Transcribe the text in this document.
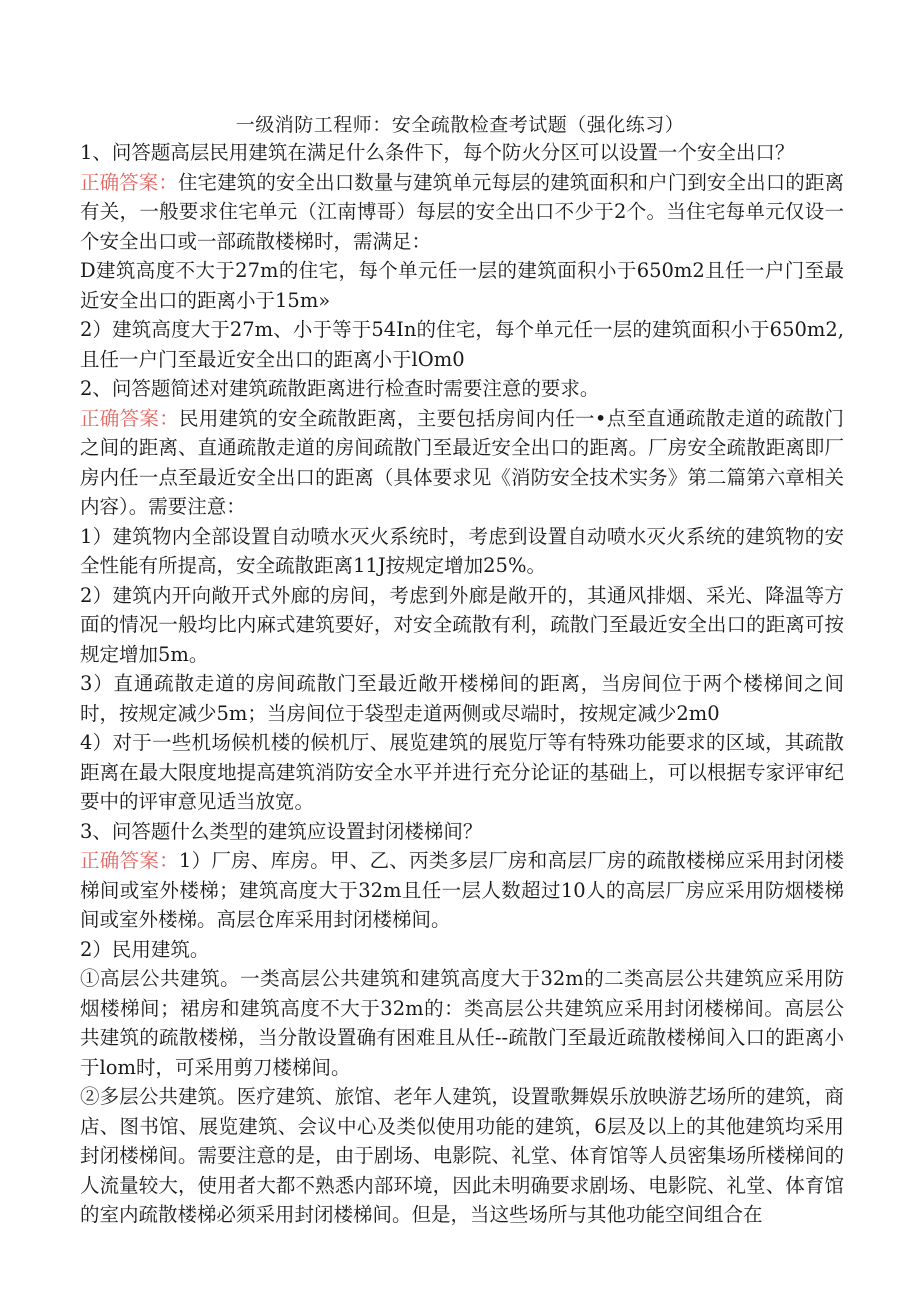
一级消防工程师：安全疏散检查考试题（强化练习）

1、问答题高层民用建筑在满足什么条件下，每个防火分区可以设置一个安全出口？

正确答案：住宅建筑的安全出口数量与建筑单元每层的建筑面积和户门到安全出口的距离有关，一般要求住宅单元（江南博哥）每层的安全出口不少于2个。当住宅每单元仅设一个安全出口或一部疏散楼梯时，需满足：

D建筑高度不大于27m的住宅，每个单元任一层的建筑面积小于650m2且任一户门至最近安全出口的距离小于15m»

2）建筑高度大于27m、小于等于54In的住宅，每个单元任一层的建筑面积小于650m2,且任一户门至最近安全出口的距离小于lOm0

2、问答题简述对建筑疏散距离进行检查时需要注意的要求。

正确答案：民用建筑的安全疏散距离，主要包括房间内任一•点至直通疏散走道的疏散门之间的距离、直通疏散走道的房间疏散门至最近安全出口的距离。厂房安全疏散距离即厂房内任一点至最近安全出口的距离（具体要求见《消防安全技术实务》第二篇第六章相关内容）。需要注意：

1）建筑物内全部设置自动喷水灭火系统时，考虑到设置自动喷水灭火系统的建筑物的安全性能有所提高，安全疏散距离11J按规定增加25%。

2）建筑内开向敞开式外廊的房间，考虑到外廊是敞开的，其通风排烟、采光、降温等方面的情况一般均比内麻式建筑要好，对安全疏散有利，疏散门至最近安全出口的距离可按规定增加5m。

3）直通疏散走道的房间疏散门至最近敞开楼梯间的距离，当房间位于两个楼梯间之间时，按规定减少5m；当房间位于袋型走道两侧或尽端时，按规定减少2m0

4）对于一些机场候机楼的候机厅、展览建筑的展览厅等有特殊功能要求的区域，其疏散距离在最大限度地提高建筑消防安全水平并进行充分论证的基础上，可以根据专家评审纪要中的评审意见适当放宽。

3、问答题什么类型的建筑应设置封闭楼梯间？

正确答案：1）厂房、库房。甲、乙、丙类多层厂房和高层厂房的疏散楼梯应采用封闭楼梯间或室外楼梯；建筑高度大于32m且任一层人数超过10人的高层厂房应采用防烟楼梯间或室外楼梯。高层仓库采用封闭楼梯间。

2）民用建筑。

①高层公共建筑。一类高层公共建筑和建筑高度大于32m的二类高层公共建筑应采用防烟楼梯间；裙房和建筑高度不大于32m的：类高层公共建筑应采用封闭楼梯间。高层公共建筑的疏散楼梯，当分散设置确有困难且从任--疏散门至最近疏散楼梯间入口的距离小于lom时，可采用剪刀楼梯间。

②多层公共建筑。医疗建筑、旅馆、老年人建筑，设置歌舞娱乐放映游艺场所的建筑，商店、图书馆、展览建筑、会议中心及类似使用功能的建筑，6层及以上的其他建筑均采用封闭楼梯间。需要注意的是，由于剧场、电影院、礼堂、体育馆等人员密集场所楼梯间的人流量较大，使用者大都不熟悉内部环境，因此未明确要求剧场、电影院、礼堂、体育馆的室内疏散楼梯必须采用封闭楼梯间。但是，当这些场所与其他功能空间组合在
